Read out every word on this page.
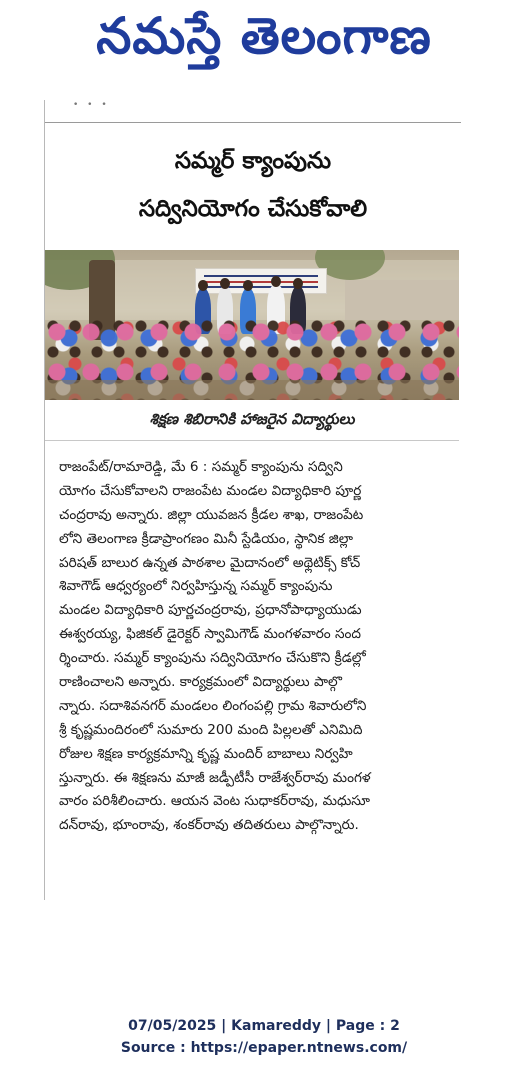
నమస్తే తెలంగాణ
• • •
సమ్మర్ క్యాంపును
సద్వినియోగం చేసుకోవాలి
శిక్షణ శిబిరానికి హాజరైన విద్యార్థులు
రాజంపేట్/రామారెడ్డి, మే 6 : సమ్మర్ క్యాంపును సద్విని
యోగం చేసుకోవాలని రాజంపేట మండల విద్యాధికారి పూర్ణ
చంద్రరావు అన్నారు. జిల్లా యువజన క్రీడల శాఖ, రాజంపేట
లోని తెలంగాణ క్రీడాప్రాంగణం మినీ స్టేడియం, స్థానిక జిల్లా
పరిషత్ బాలుర ఉన్నత పాఠశాల మైదానంలో అథ్లెటిక్స్ కోచ్
శివాగౌడ్ ఆధ్వర్యంలో నిర్వహిస్తున్న సమ్మర్ క్యాంపును
మండల విద్యాధికారి పూర్ణచంద్రరావు, ప్రధానోపాధ్యాయుడు
ఈశ్వరయ్య, ఫిజికల్ డైరెక్టర్ స్వామిగౌడ్ మంగళవారం సంద
ర్శించారు. సమ్మర్ క్యాంపును సద్వినియోగం చేసుకొని క్రీడల్లో
రాణించాలని అన్నారు. కార్యక్రమంలో విద్యార్థులు పాల్గొ
న్నారు. సదాశివనగర్ మండలం లింగంపల్లి గ్రామ శివారులోని
శ్రీ కృష్ణమందిరంలో సుమారు 200 మంది పిల్లలతో ఎనిమిది
రోజుల శిక్షణ కార్యక్రమాన్ని కృష్ణ మందిర్ బాబాలు నిర్వహి
స్తున్నారు. ఈ శిక్షణను మాజీ జడ్పీటీసీ రాజేశ్వర్‌రావు మంగళ
వారం పరిశీలించారు. ఆయన వెంట సుధాకర్‌రావు, మధుసూ
దన్‌రావు, భూంరావు, శంకర్‌రావు తదితరులు పాల్గొన్నారు.
07/05/2025 | Kamareddy | Page : 2
Source : https://epaper.ntnews.com/
